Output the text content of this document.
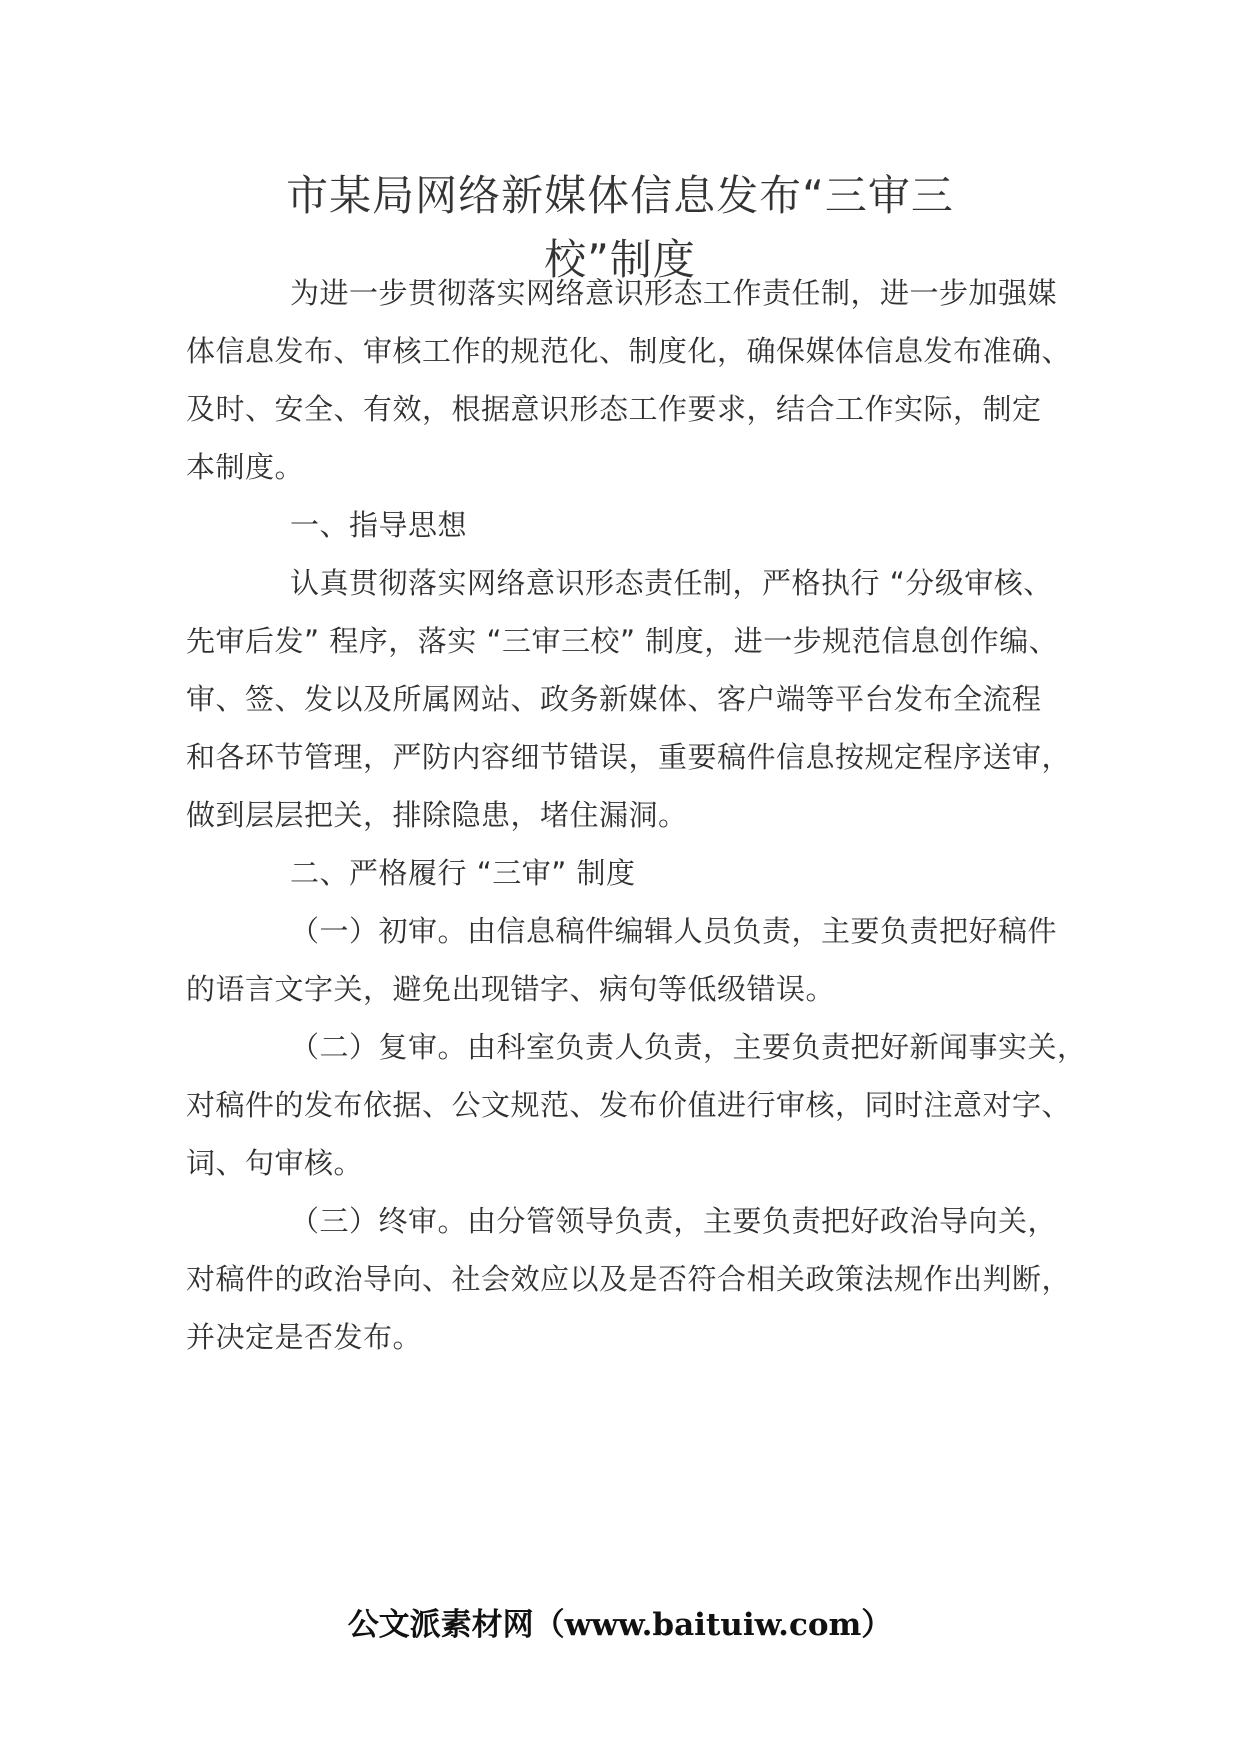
市某局网络新媒体信息发布“三审三
校”制度
为进一步贯彻落实网络意识形态工作责任制，进一步加强媒
体信息发布、审核工作的规范化、制度化，确保媒体信息发布准确、
及时、安全、有效，根据意识形态工作要求，结合工作实际，制定
本制度。
一、指导思想
认真贯彻落实网络意识形态责任制，严格执行 “分级审核、
先审后发” 程序，落实 “三审三校” 制度，进一步规范信息创作编、
审、签、发以及所属网站、政务新媒体、客户端等平台发布全流程
和各环节管理，严防内容细节错误，重要稿件信息按规定程序送审，
做到层层把关，排除隐患，堵住漏洞。
二、严格履行 “三审” 制度
（一）初审。由信息稿件编辑人员负责，主要负责把好稿件
的语言文字关，避免出现错字、病句等低级错误。
（二）复审。由科室负责人负责，主要负责把好新闻事实关，
对稿件的发布依据、公文规范、发布价值进行审核，同时注意对字、
词、句审核。
（三）终审。由分管领导负责，主要负责把好政治导向关，
对稿件的政治导向、社会效应以及是否符合相关政策法规作出判断，
并决定是否发布。
公文派素材网（www.baituiw.com）
